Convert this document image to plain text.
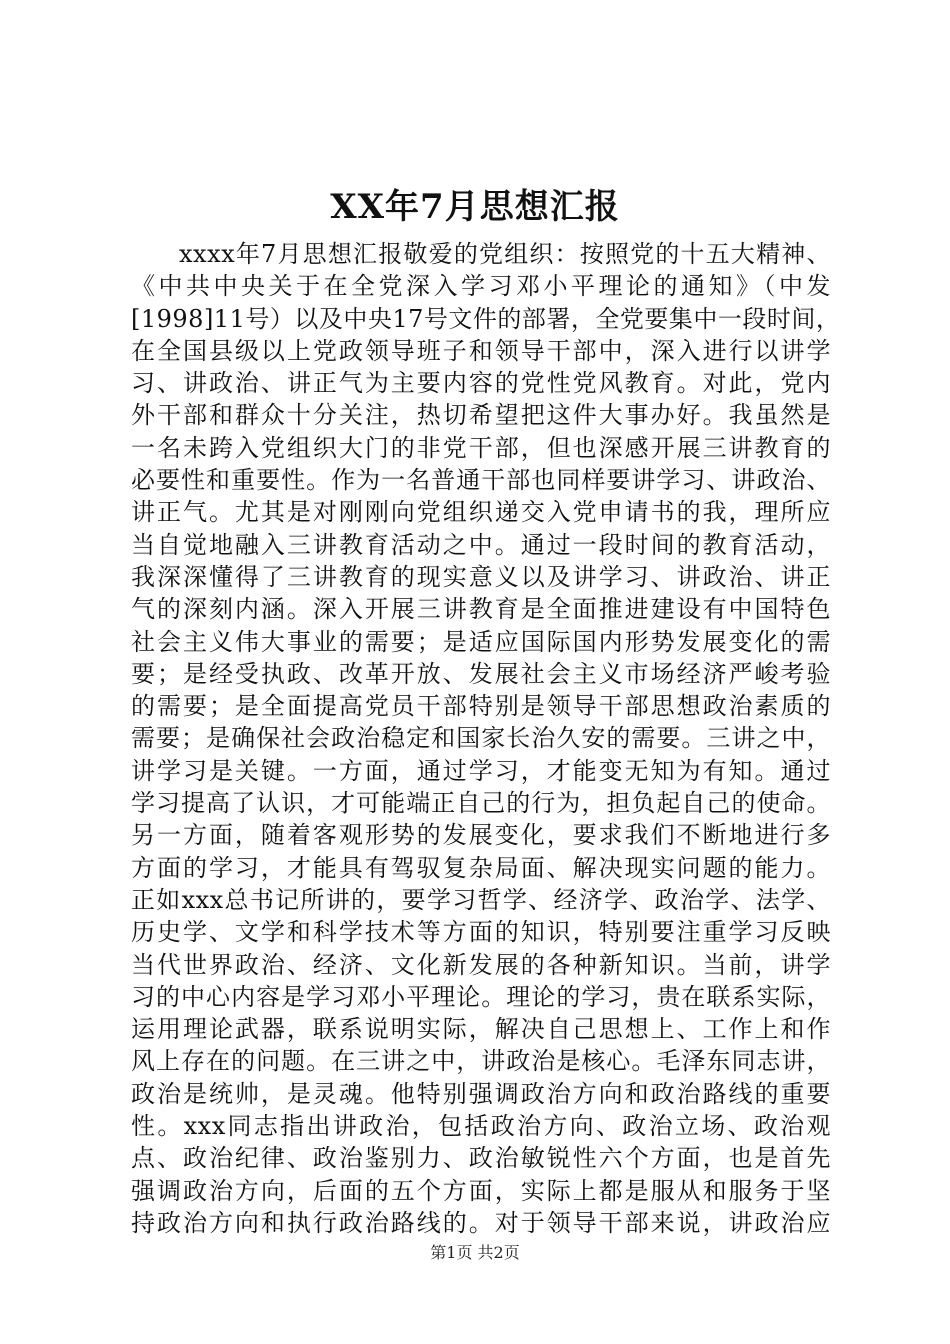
XX年7月思想汇报
xxxx年7月思想汇报敬爱的党组织：按照党的十五大精神、
《中共中央关于在全党深入学习邓小平理论的通知》（中发
[1998]11号）以及中央17号文件的部署，全党要集中一段时间，
在全国县级以上党政领导班子和领导干部中，深入进行以讲学
习、讲政治、讲正气为主要内容的党性党风教育。对此，党内
外干部和群众十分关注，热切希望把这件大事办好。我虽然是
一名未跨入党组织大门的非党干部，但也深感开展三讲教育的
必要性和重要性。作为一名普通干部也同样要讲学习、讲政治、
讲正气。尤其是对刚刚向党组织递交入党申请书的我，理所应
当自觉地融入三讲教育活动之中。通过一段时间的教育活动，
我深深懂得了三讲教育的现实意义以及讲学习、讲政治、讲正
气的深刻内涵。深入开展三讲教育是全面推进建设有中国特色
社会主义伟大事业的需要；是适应国际国内形势发展变化的需
要；是经受执政、改革开放、发展社会主义市场经济严峻考验
的需要；是全面提高党员干部特别是领导干部思想政治素质的
需要；是确保社会政治稳定和国家长治久安的需要。三讲之中，
讲学习是关键。一方面，通过学习，才能变无知为有知。通过
学习提高了认识，才可能端正自己的行为，担负起自己的使命。
另一方面，随着客观形势的发展变化，要求我们不断地进行多
方面的学习，才能具有驾驭复杂局面、解决现实问题的能力。
正如xxx总书记所讲的，要学习哲学、经济学、政治学、法学、
历史学、文学和科学技术等方面的知识，特别要注重学习反映
当代世界政治、经济、文化新发展的各种新知识。当前，讲学
习的中心内容是学习邓小平理论。理论的学习，贵在联系实际，
运用理论武器，联系说明实际，解决自己思想上、工作上和作
风上存在的问题。在三讲之中，讲政治是核心。毛泽东同志讲，
政治是统帅，是灵魂。他特别强调政治方向和政治路线的重要
性。xxx同志指出讲政治，包括政治方向、政治立场、政治观
点、政治纪律、政治鉴别力、政治敏锐性六个方面，也是首先
强调政治方向，后面的五个方面，实际上都是服从和服务于坚
持政治方向和执行政治路线的。对于领导干部来说，讲政治应
第1页 共2页
